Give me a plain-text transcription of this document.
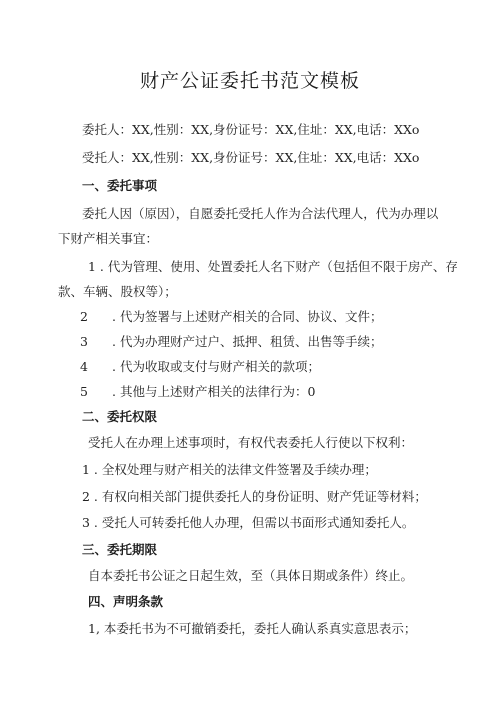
财产公证委托书范文模板
委托人：XX,性别：XX,身份证号：XX,住址：XX,电话：XXo
受托人：XX,性别：XX,身份证号：XX,住址：XX,电话：XXo
一、委托事项
委托人因（原因），自愿委托受托人作为合法代理人，代为办理以
下财产相关事宜：
1 . 代为管理、使用、处置委托人名下财产（包括但不限于房产、存
款、车辆、股权等）；
2 . 代为签署与上述财产相关的合同、协议、文件；
3 . 代为办理财产过户、抵押、租赁、出售等手续；
4 . 代为收取或支付与财产相关的款项；
5 . 其他与上述财产相关的法律行为：0
二、委托权限
受托人在办理上述事项时，有权代表委托人行使以下权利：
1 . 全权处理与财产相关的法律文件签署及手续办理；
2 . 有权向相关部门提供委托人的身份证明、财产凭证等材料；
3 . 受托人可转委托他人办理，但需以书面形式通知委托人。
三、委托期限
自本委托书公证之日起生效，至（具体日期或条件）终止。
四、声明条款
1, 本委托书为不可撤销委托，委托人确认系真实意思表示；
